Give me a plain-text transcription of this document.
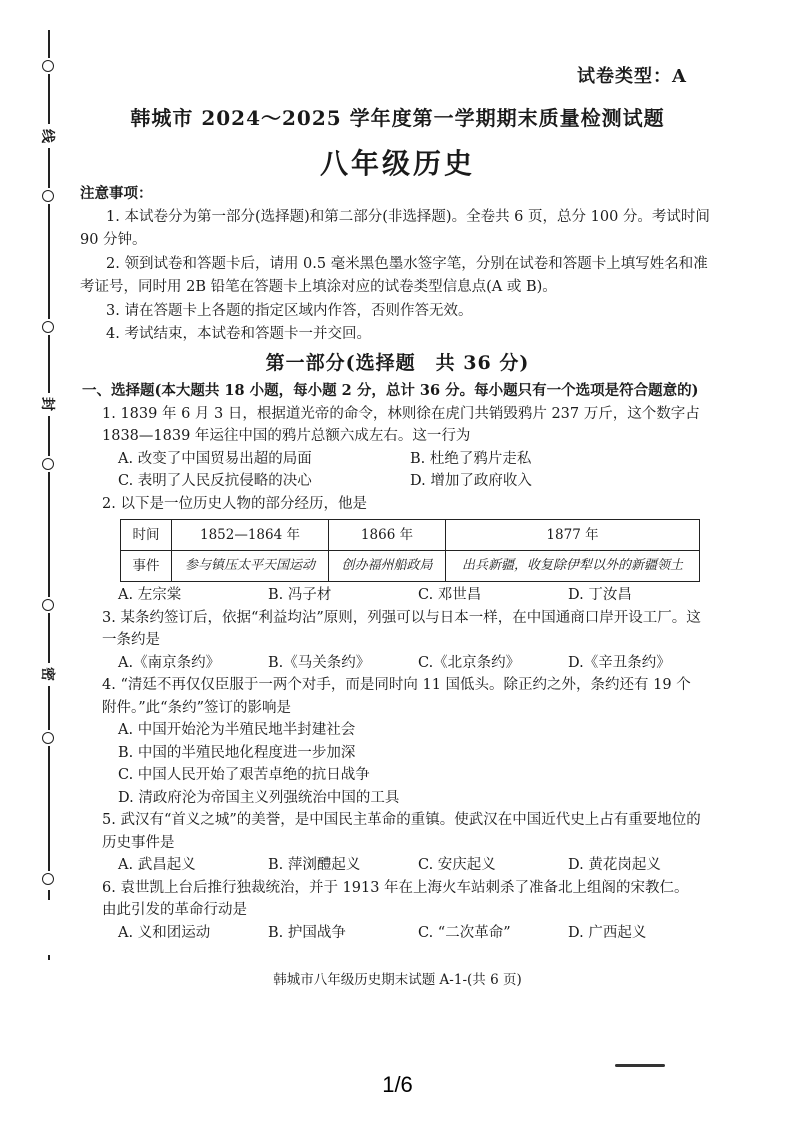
线
封
密
试卷类型：A
韩城市 2024～2025 学年度第一学期期末质量检测试题
八年级历史
注意事项：
1. 本试卷分为第一部分(选择题)和第二部分(非选择题)。全卷共 6 页，总分 100 分。考试时间 90 分钟。
2. 领到试卷和答题卡后，请用 0.5 毫米黑色墨水签字笔，分别在试卷和答题卡上填写姓名和准考证号，同时用 2B 铅笔在答题卡上填涂对应的试卷类型信息点(A 或 B)。
3. 请在答题卡上各题的指定区域内作答，否则作答无效。
4. 考试结束，本试卷和答题卡一并交回。
第一部分(选择题　共 36 分)
一、选择题(本大题共 18 小题，每小题 2 分，总计 36 分。每小题只有一个选项是符合题意的)
1. 1839 年 6 月 3 日，根据道光帝的命令，林则徐在虎门共销毁鸦片 237 万斤，这个数字占 1838—1839 年运往中国的鸦片总额六成左右。这一行为
A. 改变了中国贸易出超的局面	B. 杜绝了鸦片走私
C. 表明了人民反抗侵略的决心	D. 增加了政府收入
2. 以下是一位历史人物的部分经历，他是
时间	1852—1864 年	1866 年	1877 年
事件	参与镇压太平天国运动	创办福州船政局	出兵新疆，收复除伊犁以外的新疆领土
A. 左宗棠	B. 冯子材	C. 邓世昌	D. 丁汝昌
3. 某条约签订后，依据“利益均沾”原则，列强可以与日本一样，在中国通商口岸开设工厂。这一条约是
A.《南京条约》	B.《马关条约》	C.《北京条约》	D.《辛丑条约》
4. “清廷不再仅仅臣服于一两个对手，而是同时向 11 国低头。除正约之外，条约还有 19 个附件。”此“条约”签订的影响是
A. 中国开始沦为半殖民地半封建社会
B. 中国的半殖民地化程度进一步加深
C. 中国人民开始了艰苦卓绝的抗日战争
D. 清政府沦为帝国主义列强统治中国的工具
5. 武汉有“首义之城”的美誉，是中国民主革命的重镇。使武汉在中国近代史上占有重要地位的历史事件是
A. 武昌起义	B. 萍浏醴起义	C. 安庆起义	D. 黄花岗起义
6. 袁世凯上台后推行独裁统治，并于 1913 年在上海火车站刺杀了准备北上组阁的宋教仁。由此引发的革命行动是
A. 义和团运动	B. 护国战争	C. “二次革命”	D. 广西起义
韩城市八年级历史期末试题 A-1-(共 6 页)
1/6
